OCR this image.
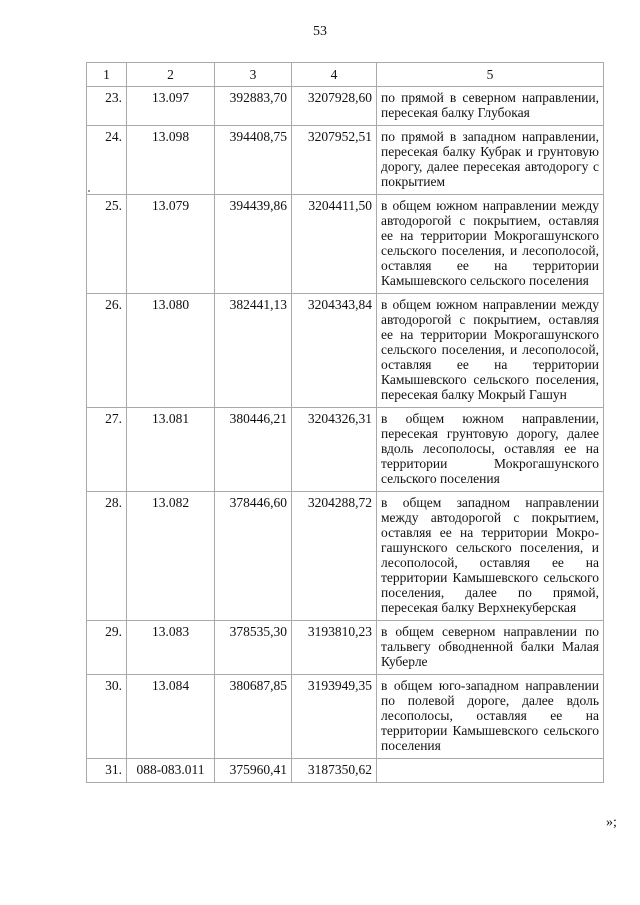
53
1	2	3	4	5
23.	13.097	392883,70	3207928,60	по прямой в северном направлении, пересекая балку Глубокая
24.	13.098	394408,75	3207952,51	по прямой в западном направлении, пересекая балку Кубрак и грунтовую дорогу, далее пересекая автодорогу с покрытием
25.	13.079	394439,86	3204411,50	в общем южном направлении между автодорогой с покрытием, оставляя ее на территории Мокрогашунского сельского поселения, и лесополосой, оставляя ее на территории Камышевского сельского поселения
26.	13.080	382441,13	3204343,84	в общем южном направлении между автодорогой с покрытием, оставляя ее на территории Мокрогашунского сельского поселения, и лесополосой, оставляя ее на территории Камышевского сельского поселения, пересекая балку Мокрый Гашун
27.	13.081	380446,21	3204326,31	в общем южном направлении, пересекая грунтовую дорогу, далее вдоль лесополосы, оставляя ее на территории Мокрогашунского сельского поселения
28.	13.082	378446,60	3204288,72	в общем западном направлении между автодорогой с покрытием, оставляя ее на территории Мокрогашунского сельского поселения, и лесополосой, оставляя ее на территории Камышевского сельского поселения, далее по прямой, пересекая балку Верхнекуберская
29.	13.083	378535,30	3193810,23	в общем северном направлении по тальвегу обводненной балки Малая Куберле
30.	13.084	380687,85	3193949,35	в общем юго-западном направлении по полевой дороге, далее вдоль лесополосы, оставляя ее на территории Камышевского сельского поселения
31.	088-083.011	375960,41	3187350,62	
»;
